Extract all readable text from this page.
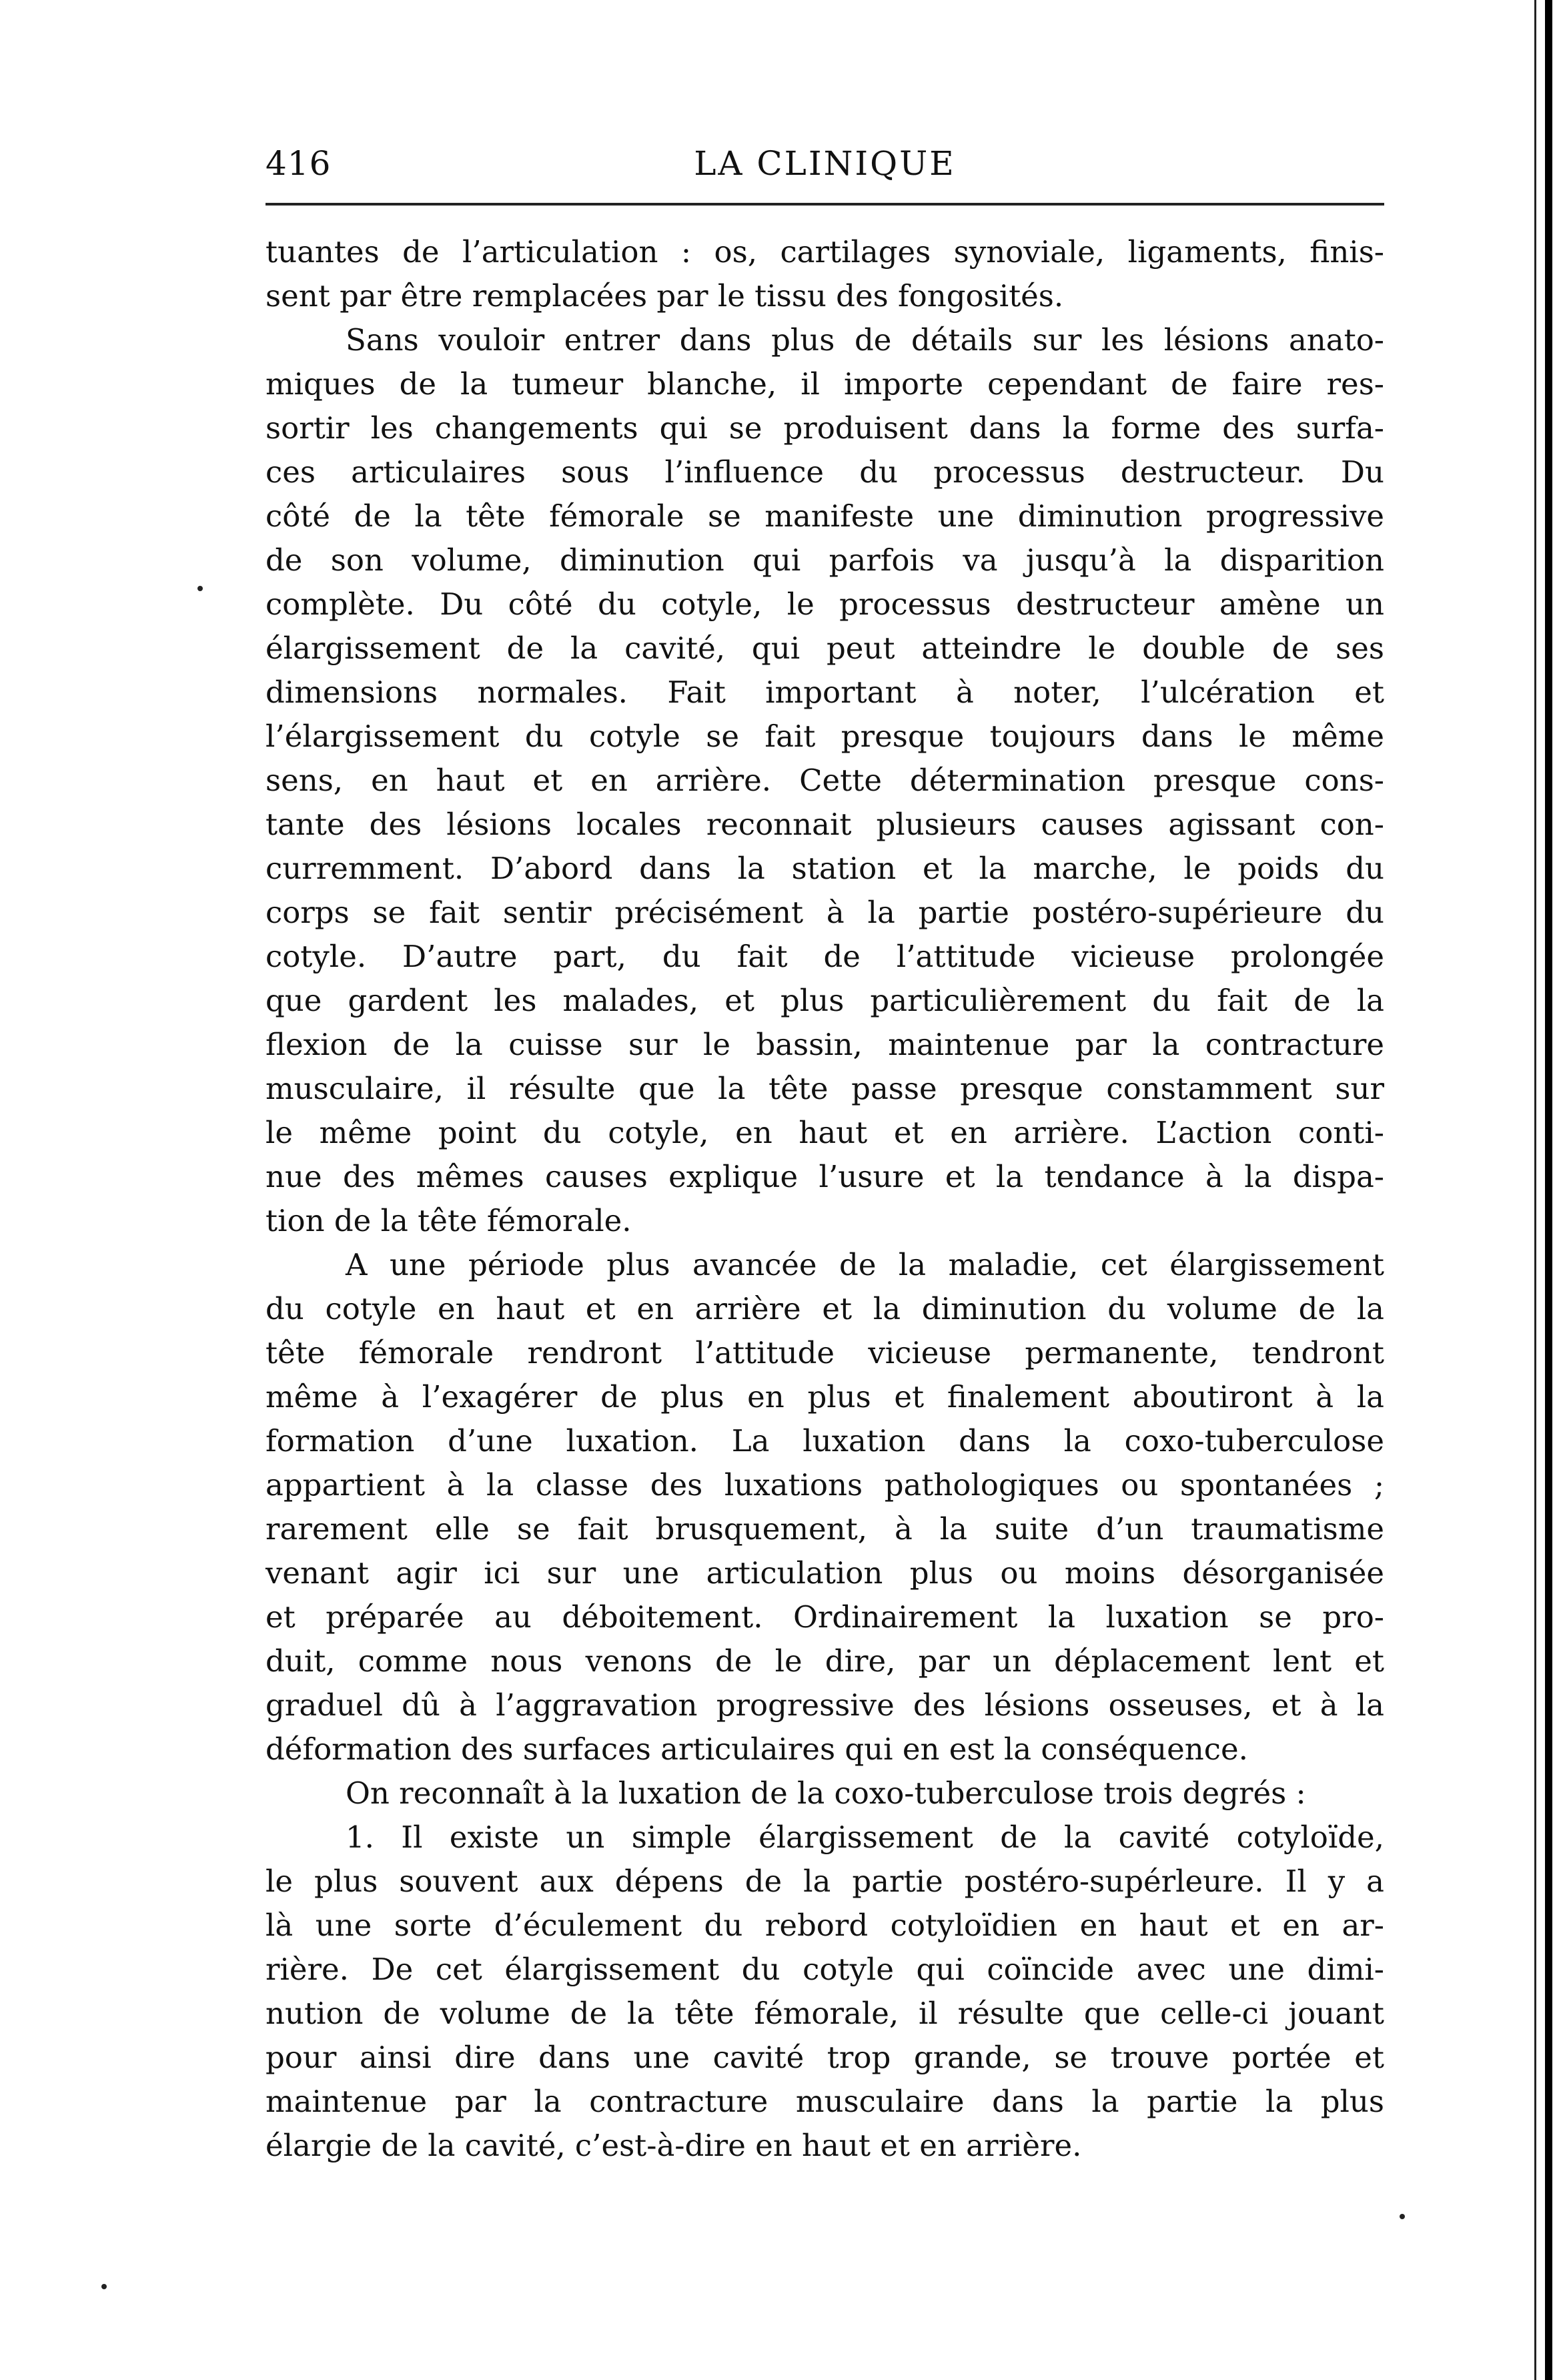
416	LA CLINIQUE
tuantes de l’articulation : os, cartilages synoviale, ligaments, finis-
sent par être remplacées par le tissu des fongosités.
Sans vouloir entrer dans plus de détails sur les lésions anato-
miques de la tumeur blanche, il importe cependant de faire res-
sortir les changements qui se produisent dans la forme des surfa-
ces articulaires sous l’influence du processus destructeur. Du
côté de la tête fémorale se manifeste une diminution progressive
de son volume, diminution qui parfois va jusqu’à la disparition
complète. Du côté du cotyle, le processus destructeur amène un
élargissement de la cavité, qui peut atteindre le double de ses
dimensions normales. Fait important à noter, l’ulcération et
l’élargissement du cotyle se fait presque toujours dans le même
sens, en haut et en arrière. Cette détermination presque cons-
tante des lésions locales reconnait plusieurs causes agissant con-
curremment. D’abord dans la station et la marche, le poids du
corps se fait sentir précisément à la partie postéro-supérieure du
cotyle. D’autre part, du fait de l’attitude vicieuse prolongée
que gardent les malades, et plus particulièrement du fait de la
flexion de la cuisse sur le bassin, maintenue par la contracture
musculaire, il résulte que la tête passe presque constamment sur
le même point du cotyle, en haut et en arrière. L’action conti-
nue des mêmes causes explique l’usure et la tendance à la dispa-
tion de la tête fémorale.
A une période plus avancée de la maladie, cet élargissement
du cotyle en haut et en arrière et la diminution du volume de la
tête fémorale rendront l’attitude vicieuse permanente, tendront
même à l’exagérer de plus en plus et finalement aboutiront à la
formation d’une luxation. La luxation dans la coxo-tuberculose
appartient à la classe des luxations pathologiques ou spontanées ;
rarement elle se fait brusquement, à la suite d’un traumatisme
venant agir ici sur une articulation plus ou moins désorganisée
et préparée au déboitement. Ordinairement la luxation se pro-
duit, comme nous venons de le dire, par un déplacement lent et
graduel dû à l’aggravation progressive des lésions osseuses, et à la
déformation des surfaces articulaires qui en est la conséquence.
On reconnaît à la luxation de la coxo-tuberculose trois degrés :
1. Il existe un simple élargissement de la cavité cotyloïde,
le plus souvent aux dépens de la partie postéro-supérleure. Il y a
là une sorte d’éculement du rebord cotyloïdien en haut et en ar-
rière. De cet élargissement du cotyle qui coïncide avec une dimi-
nution de volume de la tête fémorale, il résulte que celle-ci jouant
pour ainsi dire dans une cavité trop grande, se trouve portée et
maintenue par la contracture musculaire dans la partie la plus
élargie de la cavité, c’est-à-dire en haut et en arrière.
